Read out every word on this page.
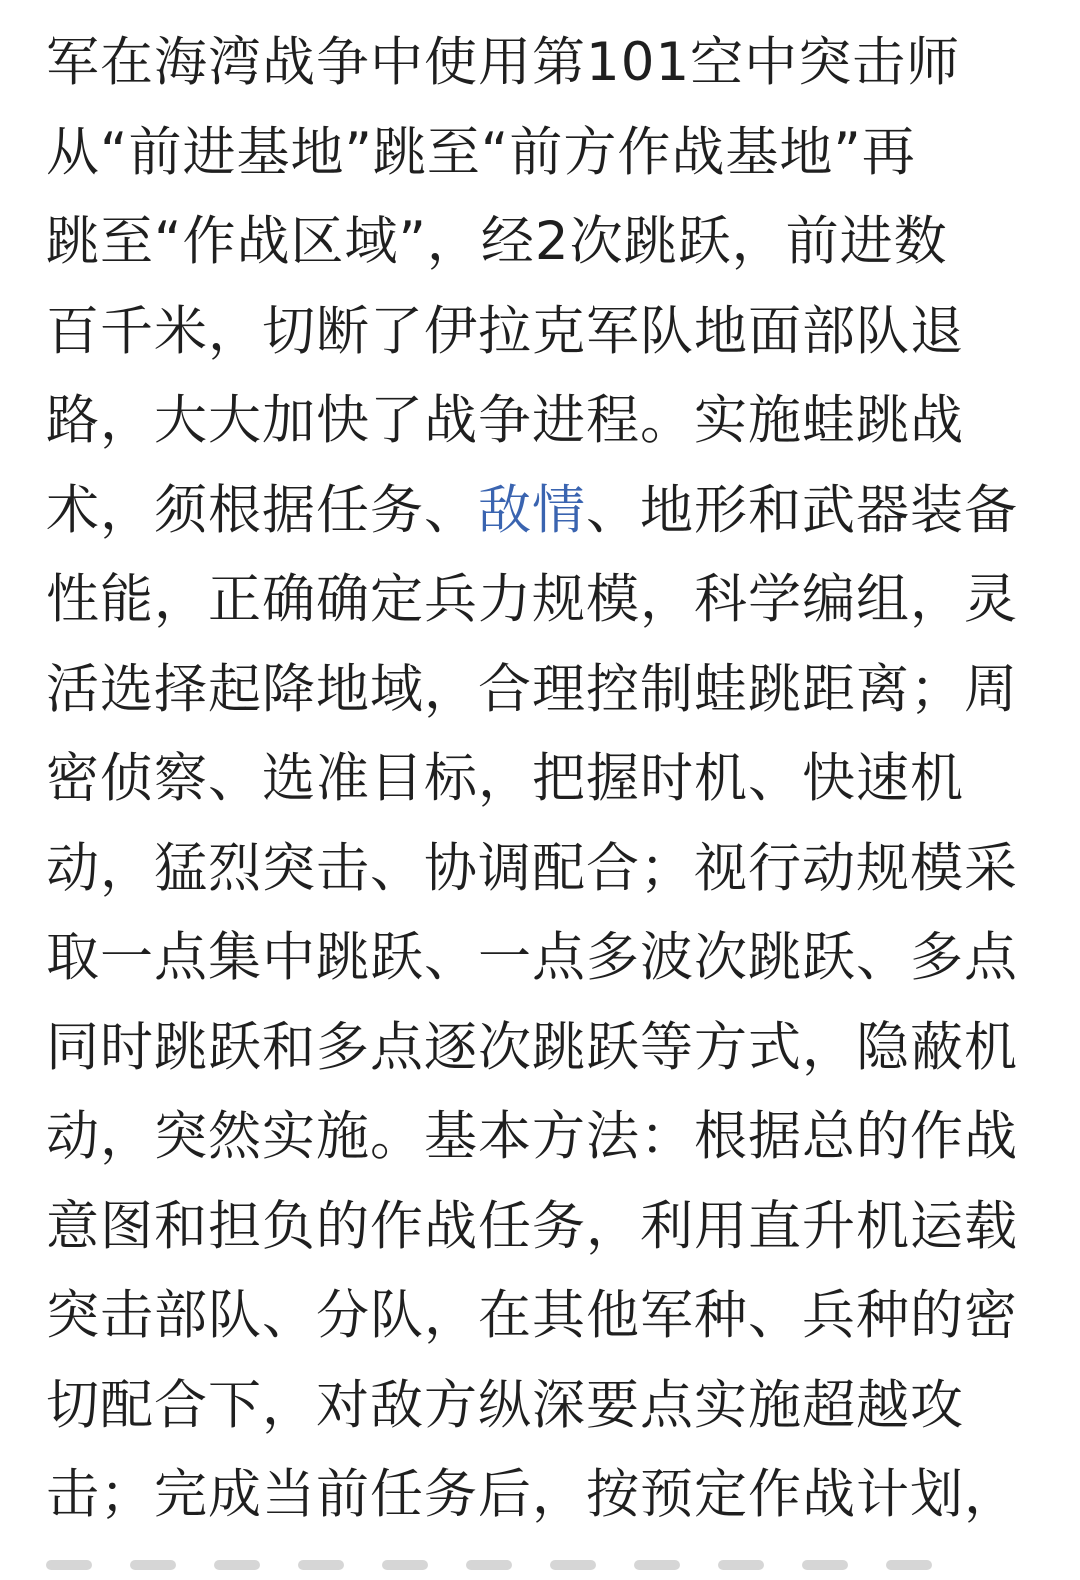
军在海湾战争中使用第101空中突击师
从“前进基地”跳至“前方作战基地”再
跳至“作战区域”，经2次跳跃，前进数
百千米，切断了伊拉克军队地面部队退
路，大大加快了战争进程。实施蛙跳战
术，须根据任务、敌情、地形和武器装备
性能，正确确定兵力规模，科学编组，灵
活选择起降地域，合理控制蛙跳距离；周
密侦察、选准目标，把握时机、快速机
动，猛烈突击、协调配合；视行动规模采
取一点集中跳跃、一点多波次跳跃、多点
同时跳跃和多点逐次跳跃等方式，隐蔽机
动，突然实施。基本方法：根据总的作战
意图和担负的作战任务，利用直升机运载
突击部队、分队，在其他军种、兵种的密
切配合下，对敌方纵深要点实施超越攻
击；完成当前任务后，按预定作战计划，
